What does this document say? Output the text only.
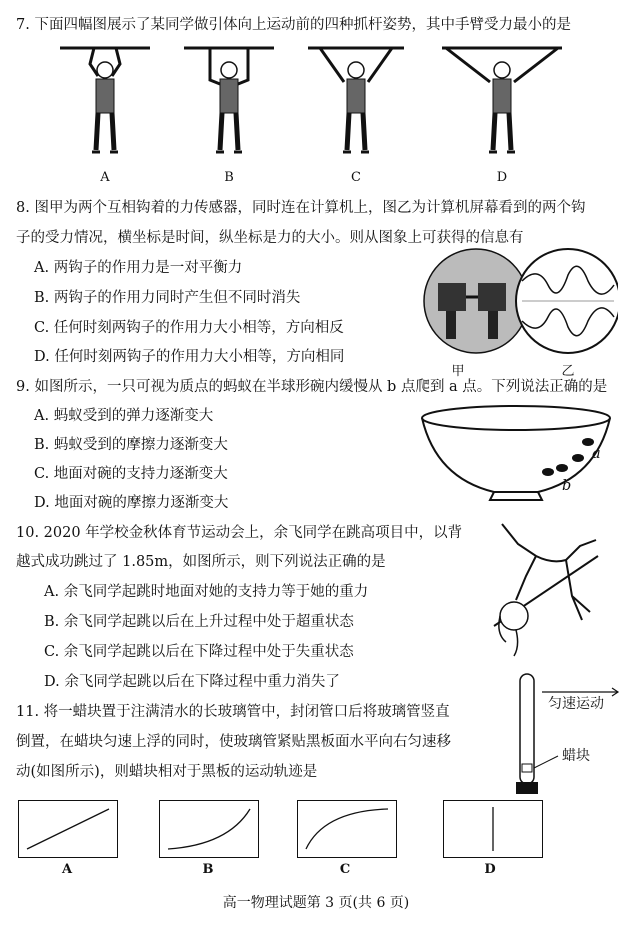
7. 下面四幅图展示了某同学做引体向上运动前的四种抓杆姿势，其中手臂受力最小的是
A	B	C	D
8. 图甲为两个互相钩着的力传感器，同时连在计算机上，图乙为计算机屏幕看到的两个钩
子的受力情况，横坐标是时间，纵坐标是力的大小。则从图象上可获得的信息有
A. 两钩子的作用力是一对平衡力
B. 两钩子的作用力同时产生但不同时消失
C. 任何时刻两钩子的作用力大小相等，方向相反
D. 任何时刻两钩子的作用力大小相等，方向相同
甲	乙
9. 如图所示，一只可视为质点的蚂蚁在半球形碗内缓慢从 b 点爬到 a 点。下列说法正确的是
A. 蚂蚁受到的弹力逐渐变大
B. 蚂蚁受到的摩擦力逐渐变大
C. 地面对碗的支持力逐渐变大
D. 地面对碗的摩擦力逐渐变大
a
b
10. 2020 年学校金秋体育节运动会上，余飞同学在跳高项目中，以背
越式成功跳过了 1.85m，如图所示，则下列说法正确的是
A. 余飞同学起跳时地面对她的支持力等于她的重力
B. 余飞同学起跳以后在上升过程中处于超重状态
C. 余飞同学起跳以后在下降过程中处于失重状态
D. 余飞同学起跳以后在下降过程中重力消失了
11. 将一蜡块置于注满清水的长玻璃管中，封闭管口后将玻璃管竖直
倒置，在蜡块匀速上浮的同时，使玻璃管紧贴黑板面水平向右匀速移
动(如图所示)，则蜡块相对于黑板的运动轨迹是
匀速运动
蜡块
A	B	C	D
高一物理试题第 3 页(共 6 页)
